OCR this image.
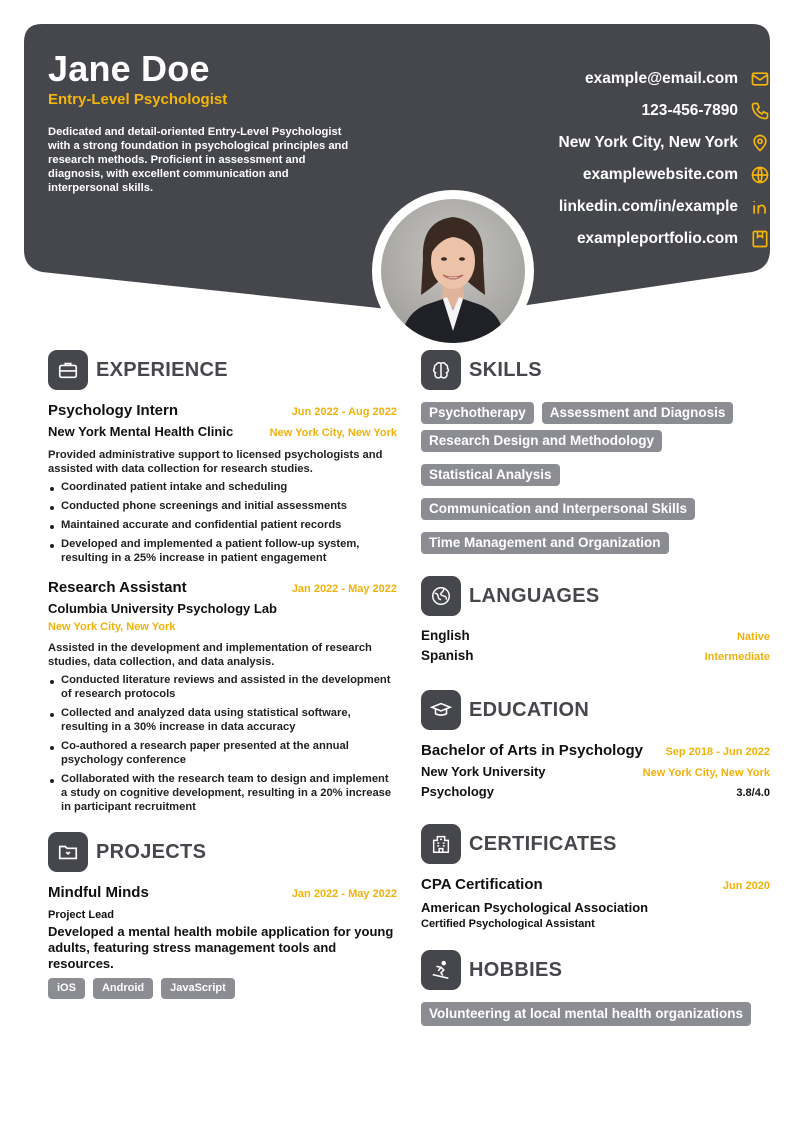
Jane Doe
Entry-Level Psychologist
Dedicated and detail-oriented Entry-Level Psychologist with a strong foundation in psychological principles and research methods. Proficient in assessment and diagnosis, with excellent communication and interpersonal skills.
example@email.com
123-456-7890
New York City, New York
examplewebsite.com
linkedin.com/in/example
exampleportfolio.com
EXPERIENCE
Psychology Intern	Jun 2022 - Aug 2022
New York Mental Health Clinic	New York City, New York
Provided administrative support to licensed psychologists and assisted with data collection for research studies.
Coordinated patient intake and scheduling
Conducted phone screenings and initial assessments
Maintained accurate and confidential patient records
Developed and implemented a patient follow-up system, resulting in a 25% increase in patient engagement
Research Assistant	Jan 2022 - May 2022
Columbia University Psychology Lab
New York City, New York
Assisted in the development and implementation of research studies, data collection, and data analysis.
Conducted literature reviews and assisted in the development of research protocols
Collected and analyzed data using statistical software, resulting in a 30% increase in data accuracy
Co-authored a research paper presented at the annual psychology conference
Collaborated with the research team to design and implement a study on cognitive development, resulting in a 20% increase in participant recruitment
PROJECTS
Mindful Minds	Jan 2022 - May 2022
Project Lead
Developed a mental health mobile application for young adults, featuring stress management tools and resources.
iOS	Android	JavaScript
SKILLS
Psychotherapy	Assessment and Diagnosis
Research Design and Methodology
Statistical Analysis
Communication and Interpersonal Skills
Time Management and Organization
LANGUAGES
English	Native
Spanish	Intermediate
EDUCATION
Bachelor of Arts in Psychology Sep 2018 - Jun 2022
New York University	New York City, New York
Psychology	3.8/4.0
CERTIFICATES
CPA Certification	Jun 2020
American Psychological Association
Certified Psychological Assistant
HOBBIES
Volunteering at local mental health organizations
